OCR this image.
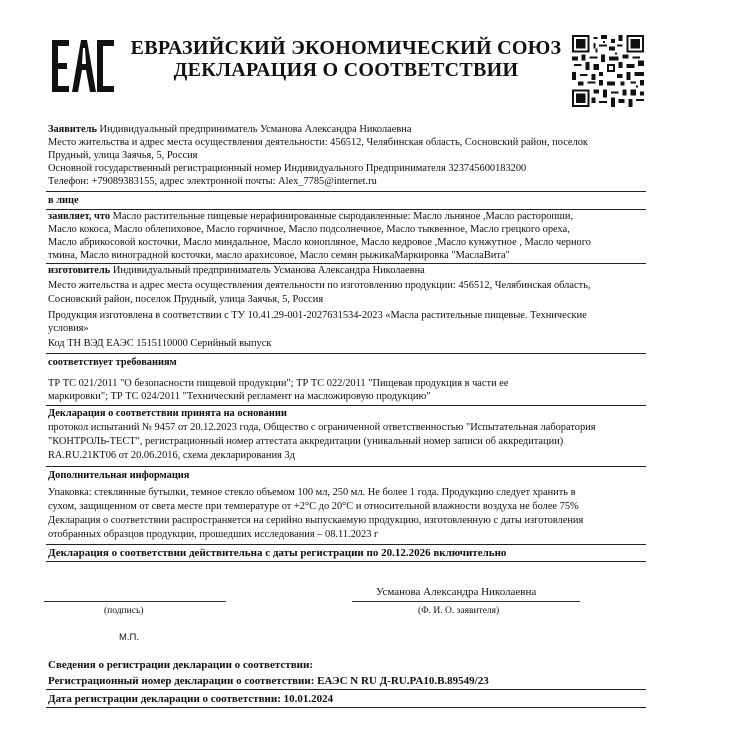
ЕВРАЗИЙСКИЙ ЭКОНОМИЧЕСКИЙ СОЮЗ
ДЕКЛАРАЦИЯ О СООТВЕТСТВИИ
Заявитель Индивидуальный предприниматель Усманова Александра Николаевна
Место жительства и адрес места осуществления деятельности: 456512, Челябинская область, Сосновский район, поселок
Прудный, улица Заячья, 5, Россия
Основной государственный регистрационный номер Индивидуального Предпринимателя 323745600183200
Телефон: +79089383155, адрес электронной почты: Alex_7785@internet.ru
в лице
заявляет, что Масло растительные пищевые нерафинированные сыродавленные: Масло льняное ,Масло расторопши,
Масло кокоса, Масло облепиховое, Масло горчичное, Масло подсолнечное, Масло тыквенное, Масло грецкого ореха,
Масло абрикосовой косточки, Масло миндальное, Масло конопляное, Масло кедровое ,Масло кунжутное , Масло черного
тмина, Масло виноградной косточки, масло арахисовое, Масло семян рыжикаМаркировка "МаслаВита"
изготовитель Индивидуальный предприниматель Усманова Александра Николаевна
Место жительства и адрес места осуществления деятельности по изготовлению продукции: 456512, Челябинская область,
Сосновский район, поселок Прудный, улица Заячья, 5, Россия
Продукция изготовлена в соответствии с ТУ 10.41.29-001-2027631534-2023 «Масла растительные пищевые. Технические
условия»
Код ТН ВЭД ЕАЭС 1515110000 Серийный выпуск
соответствует требованиям
ТР ТС 021/2011 "О безопасности пищевой продукции"; ТР ТС 022/2011 "Пищевая продукция в части ее
маркировки"; ТР ТС 024/2011 "Технический регламент на масложировую продукцию"
Декларация о соответствии принята на основании
протокол испытаний № 9457 от 20.12.2023 года, Общество с ограниченной ответственностью "Испытательная лаборатория
"КОНТРОЛЬ-ТЕСТ", регистрационный номер аттестата аккредитации (уникальный номер записи об аккредитации)
RA.RU.21КТ06 от 20.06.2016, схема декларирования 3д
Дополнительная информация
Упаковка: стеклянные бутылки, темное стекло объемом 100 мл, 250 мл. Не более 1 года. Продукцию следует хранить в
сухом, защищенном от света месте при температуре от +2°C до 20°C и относительной влажности воздуха не более 75%
Декларация о соответствии распространяется на серийно выпускаемую продукцию, изготовленную с даты изготовления
отобранных образцов продукции, прошедших исследования – 08.11.2023 г
Декларация о соответствии действительна с даты регистрации по 20.12.2026 включительно
Усманова Александра Николаевна
(подпись)	(Ф. И. О. заявителя)
М.П.
Сведения о регистрации декларации о соответствии:
Регистрационный номер декларации о соответствии: ЕАЭС N RU Д-RU.PA10.B.89549/23
Дата регистрации декларации о соответствии: 10.01.2024
